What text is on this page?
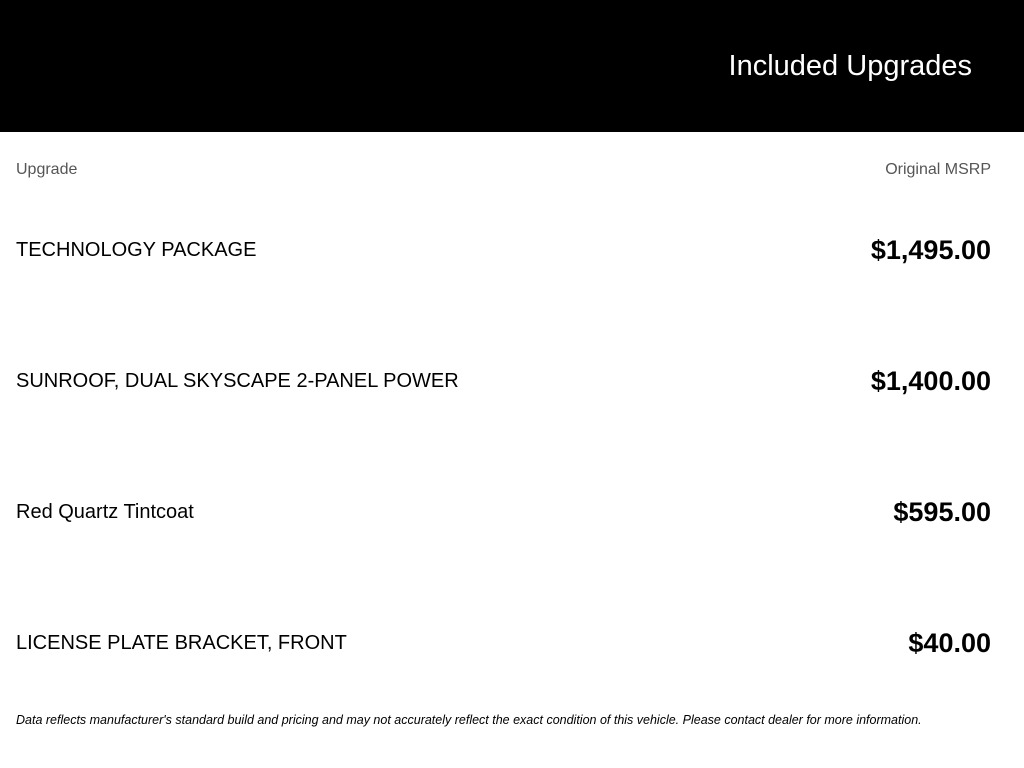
Included Upgrades
Upgrade	Original MSRP
TECHNOLOGY PACKAGE	$1,495.00
SUNROOF, DUAL SKYSCAPE 2-PANEL POWER	$1,400.00
Red Quartz Tintcoat	$595.00
LICENSE PLATE BRACKET, FRONT	$40.00
Data reflects manufacturer's standard build and pricing and may not accurately reflect the exact condition of this vehicle. Please contact dealer for more information.
